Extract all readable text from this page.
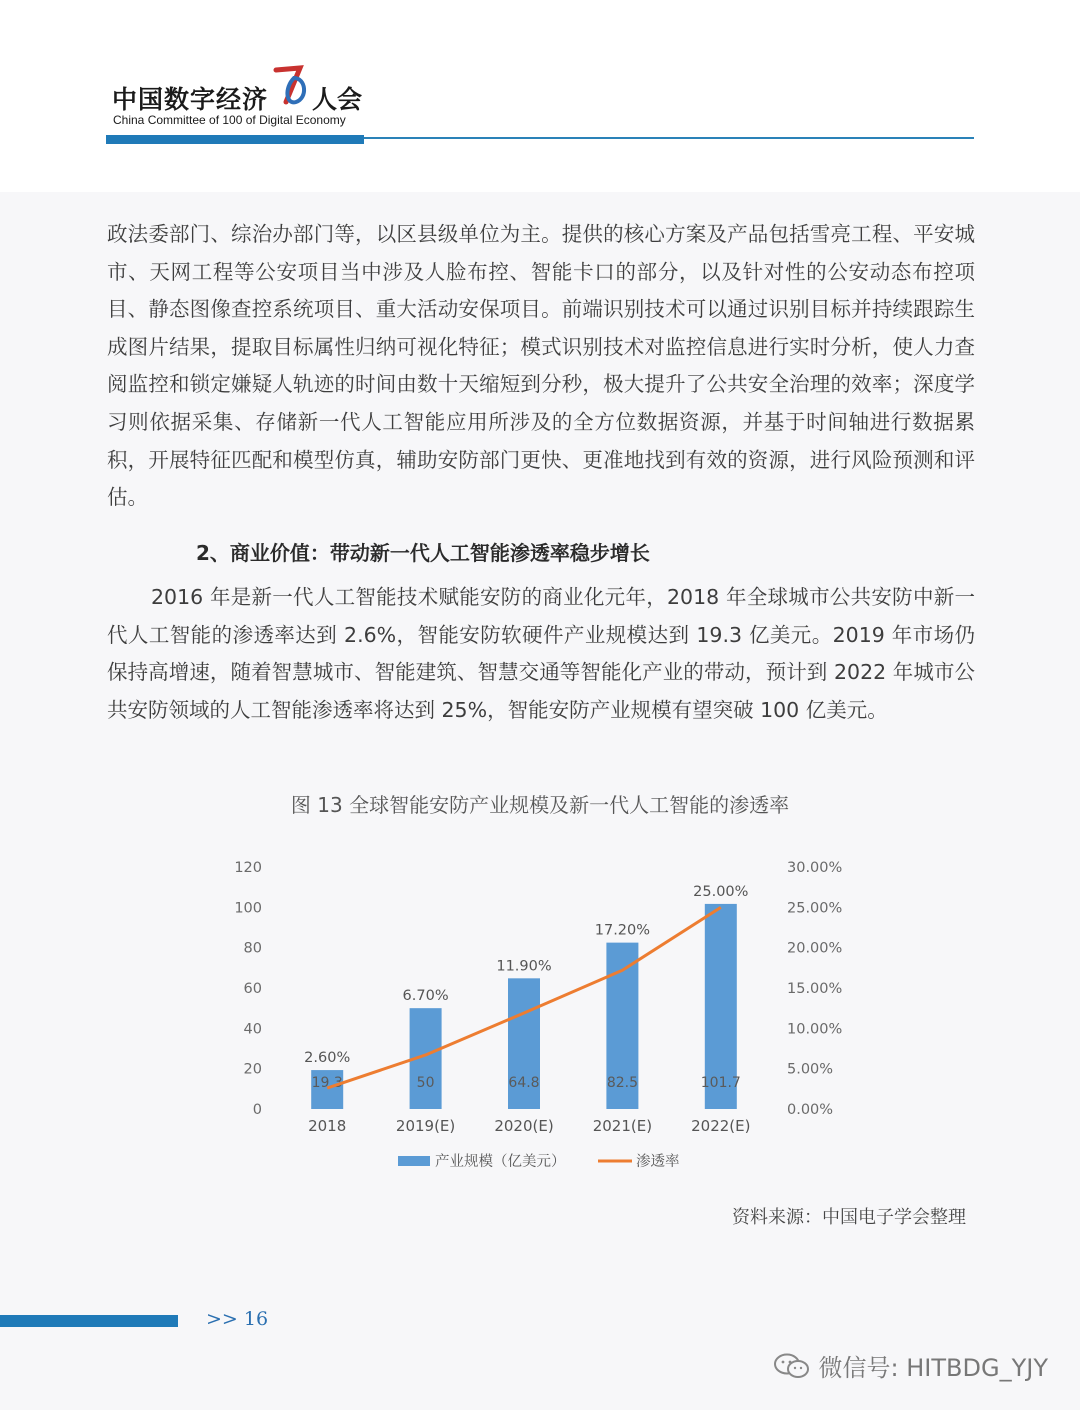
中国数字经济 人会
China Committee of 100 of Digital Economy
政法委部门、综治办部门等，以区县级单位为主。提供的核心方案及产品包括雪亮工程、平安城市、天网工程等公安项目当中涉及人脸布控、智能卡口的部分，以及针对性的公安动态布控项目、静态图像查控系统项目、重大活动安保项目。前端识别技术可以通过识别目标并持续跟踪生成图片结果，提取目标属性归纳可视化特征；模式识别技术对监控信息进行实时分析，使人力查阅监控和锁定嫌疑人轨迹的时间由数十天缩短到分秒，极大提升了公共安全治理的效率；深度学习则依据采集、存储新一代人工智能应用所涉及的全方位数据资源，并基于时间轴进行数据累积，开展特征匹配和模型仿真，辅助安防部门更快、更准地找到有效的资源，进行风险预测和评估。
2、商业价值：带动新一代人工智能渗透率稳步增长
2016 年是新一代人工智能技术赋能安防的商业化元年，2018 年全球城市公共安防中新一代人工智能的渗透率达到 2.6%，智能安防软硬件产业规模达到 19.3 亿美元。2019 年市场仍保持高增速，随着智慧城市、智能建筑、智慧交通等智能化产业的带动，预计到 2022 年城市公共安防领域的人工智能渗透率将达到 25%，智能安防产业规模有望突破 100 亿美元。
图 13 全球智能安防产业规模及新一代人工智能的渗透率
0
20
40
60
80
100
120
0.00%
5.00%
10.00%
15.00%
20.00%
25.00%
30.00%
19.3
2018
50
2019(E)
64.8
2020(E)
82.5
2021(E)
101.7
2022(E)
2.60%
6.70%
11.90%
17.20%
25.00%
产业规模（亿美元）	渗透率
资料来源：中国电子学会整理
>> 16
微信号: HITBDG_YJY
